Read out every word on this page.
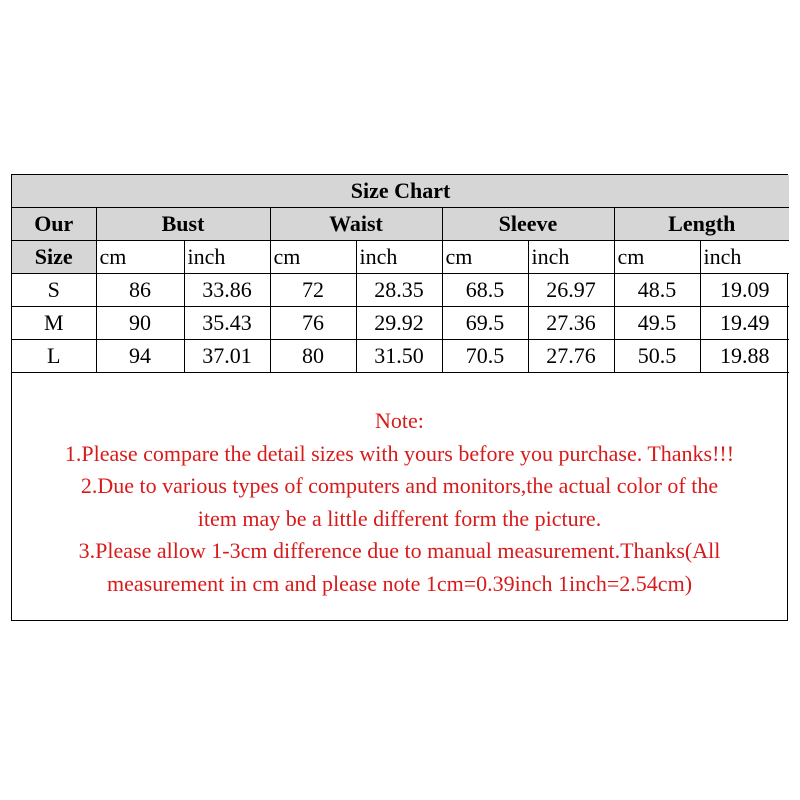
Size Chart								
Our	Bust		Waist		Sleeve		Length	
Size	cm	inch	cm	inch	cm	inch	cm	inch
S	86	33.86	72	28.35	68.5	26.97	48.5	19.09
M	90	35.43	76	29.92	69.5	27.36	49.5	19.49
L	94	37.01	80	31.50	70.5	27.76	50.5	19.88
Note:
1.Please compare the detail sizes with yours before you purchase. Thanks!!!
2.Due to various types of computers and monitors,the actual color of the
item may be a little different form the picture.
3.Please allow 1-3cm difference due to manual measurement.Thanks(All
measurement in cm and please note 1cm=0.39inch 1inch=2.54cm)
